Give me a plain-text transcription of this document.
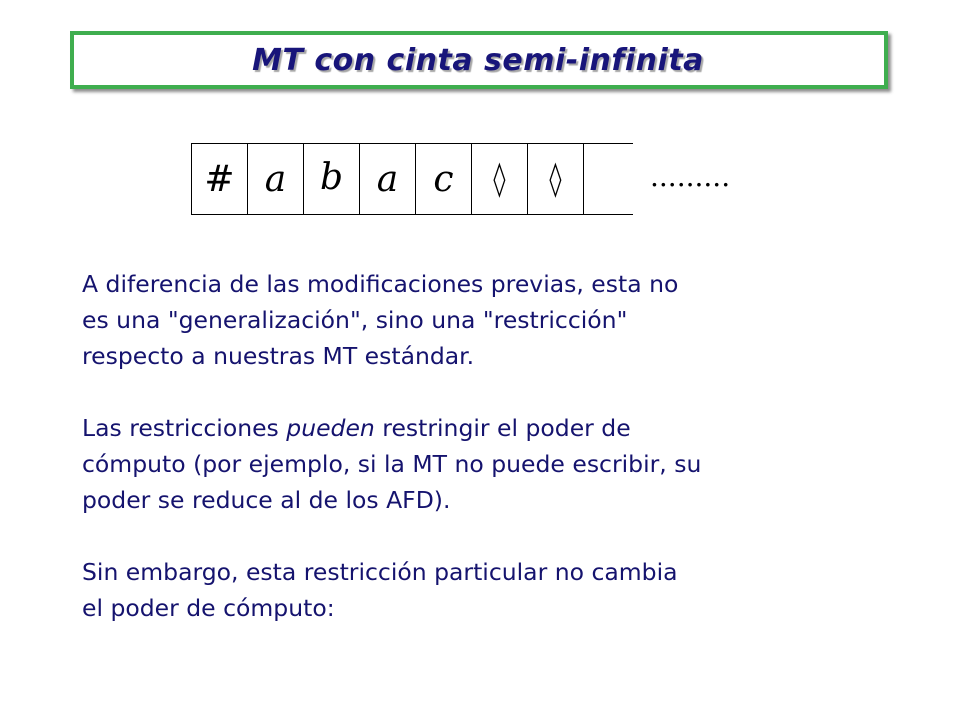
MT con cinta semi-infinita
# a b a c	◊ ◊	.........

A diferencia de las modificaciones previas, esta no
es una "generalización", sino una "restricción"
respecto a nuestras MT estándar.

Las restricciones pueden restringir el poder de
cómputo (por ejemplo, si la MT no puede escribir, su
poder se reduce al de los AFD).

Sin embargo, esta restricción particular no cambia
el poder de cómputo:
